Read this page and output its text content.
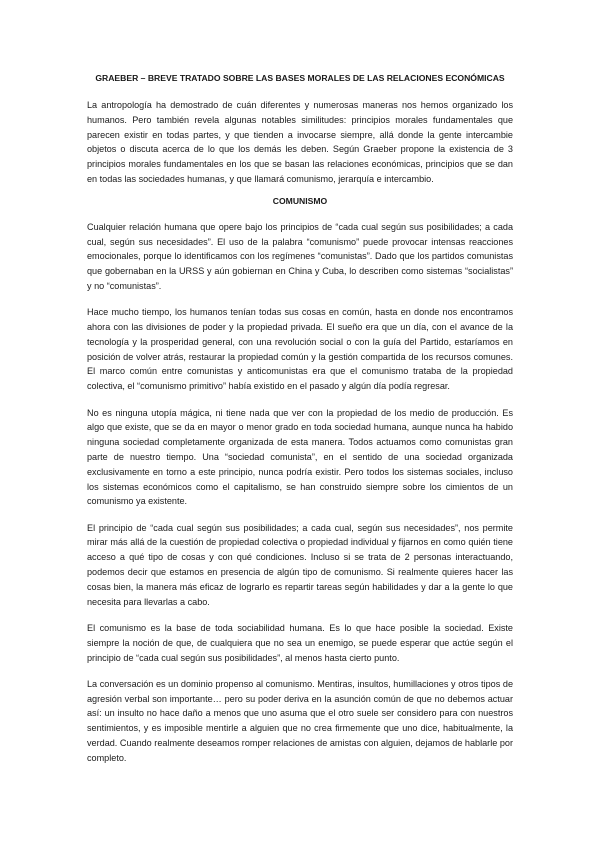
GRAEBER – BREVE TRATADO SOBRE LAS BASES MORALES DE LAS RELACIONES ECONÓMICAS

La antropología ha demostrado de cuán diferentes y numerosas maneras nos hemos organizado los humanos. Pero también revela algunas notables similitudes: principios morales fundamentales que parecen existir en todas partes, y que tienden a invocarse siempre, allá donde la gente intercambie objetos o discuta acerca de lo que los demás les deben. Según Graeber propone la existencia de 3 principios morales fundamentales en los que se basan las relaciones económicas, principios que se dan en todas las sociedades humanas, y que llamará comunismo, jerarquía e intercambio.

COMUNISMO

Cualquier relación humana que opere bajo los principios de “cada cual según sus posibilidades; a cada cual, según sus necesidades”. El uso de la palabra “comunismo” puede provocar intensas reacciones emocionales, porque lo identificamos con los regímenes “comunistas”. Dado que los partidos comunistas que gobernaban en la URSS y aún gobiernan en China y Cuba, lo describen como sistemas “socialistas” y no “comunistas”.

Hace mucho tiempo, los humanos tenían todas sus cosas en común, hasta en donde nos encontramos ahora con las divisiones de poder y la propiedad privada. El sueño era que un día, con el avance de la tecnología y la prosperidad general, con una revolución social o con la guía del Partido, estaríamos en posición de volver atrás, restaurar la propiedad común y la gestión compartida de los recursos comunes. El marco común entre comunistas y anticomunistas era que el comunismo trataba de la propiedad colectiva, el “comunismo primitivo” había existido en el pasado y algún día podía regresar.

No es ninguna utopía mágica, ni tiene nada que ver con la propiedad de los medio de producción. Es algo que existe, que se da en mayor o menor grado en toda sociedad humana, aunque nunca ha habido ninguna sociedad completamente organizada de esta manera. Todos actuamos como comunistas gran parte de nuestro tiempo. Una “sociedad comunista”, en el sentido de una sociedad organizada exclusivamente en torno a este principio, nunca podría existir. Pero todos los sistemas sociales, incluso los sistemas económicos como el capitalismo, se han construido siempre sobre los cimientos de un comunismo ya existente.

El principio de “cada cual según sus posibilidades; a cada cual, según sus necesidades”, nos permite mirar más allá de la cuestión de propiedad colectiva o propiedad individual y fijarnos en como quién tiene acceso a qué tipo de cosas y con qué condiciones. Incluso si se trata de 2 personas interactuando, podemos decir que estamos en presencia de algún tipo de comunismo. Si realmente quieres hacer las cosas bien, la manera más eficaz de lograrlo es repartir tareas según habilidades y dar a la gente lo que necesita para llevarlas a cabo.

El comunismo es la base de toda sociabilidad humana. Es lo que hace posible la sociedad. Existe siempre la noción de que, de cualquiera que no sea un enemigo, se puede esperar que actúe según el principio de “cada cual según sus posibilidades”, al menos hasta cierto punto.

La conversación es un dominio propenso al comunismo. Mentiras, insultos, humillaciones y otros tipos de agresión verbal son importante… pero su poder deriva en la asunción común de que no debemos actuar así: un insulto no hace daño a menos que uno asuma que el otro suele ser considero para con nuestros sentimientos, y es imposible mentirle a alguien que no crea firmemente que uno dice, habitualmente, la verdad. Cuando realmente deseamos romper relaciones de amistas con alguien, dejamos de hablarle por completo.
